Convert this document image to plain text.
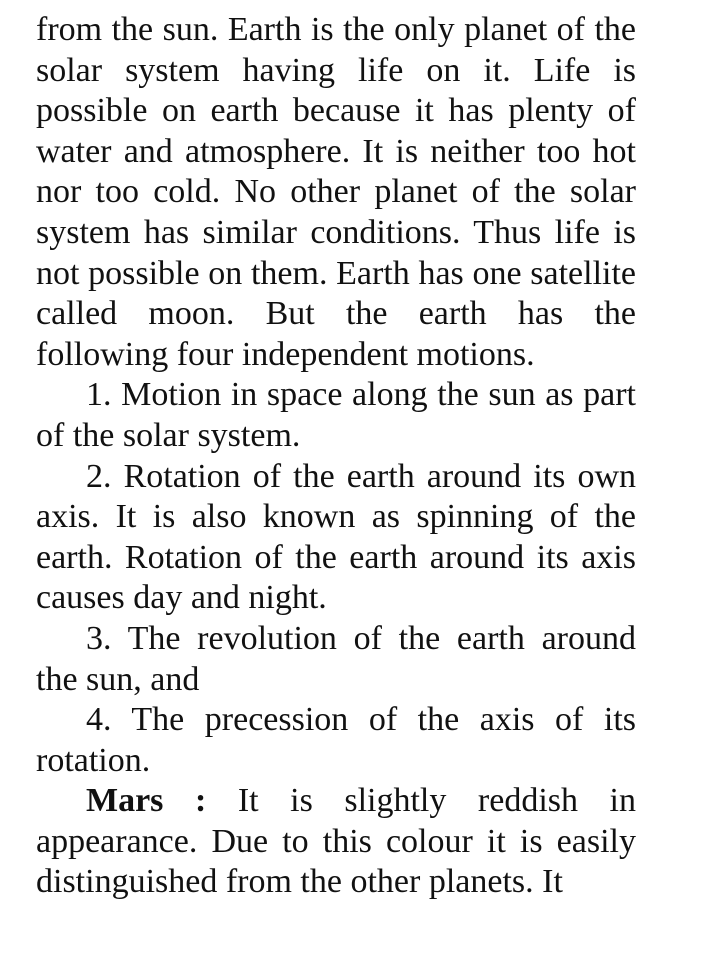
from the sun. Earth is the only planet of the solar system having life on it. Life is possible on earth because it has plenty of water and atmosphere. It is neither too hot nor too cold. No other planet of the solar system has similar conditions. Thus life is not possible on them. Earth has one satellite called moon. But the earth has the following four independent motions.

1. Motion in space along the sun as part of the solar system.

2. Rotation of the earth around its own axis. It is also known as spinning of the earth. Rotation of the earth around its axis causes day and night.

3. The revolution of the earth around the sun, and

4. The precession of the axis of its rotation.

Mars : It is slightly reddish in appearance. Due to this colour it is easily distinguished from the other planets. It
